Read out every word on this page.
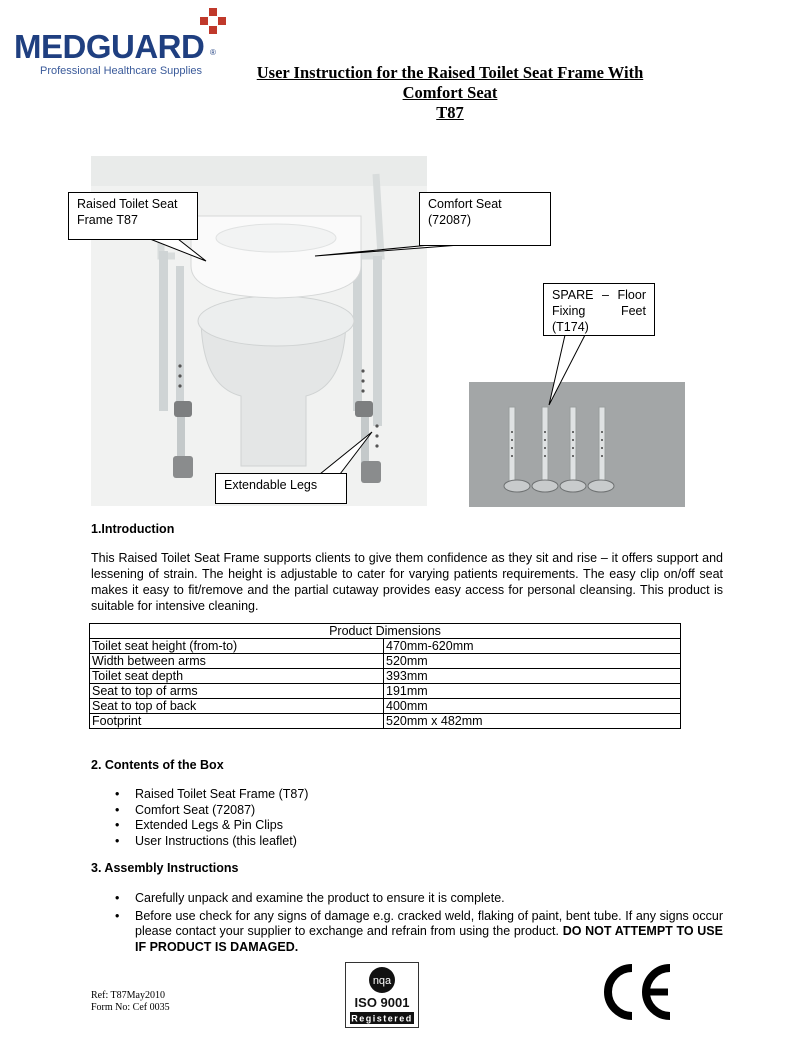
MEDGUARD ®
Professional Healthcare Supplies	User Instruction for the Raised Toilet Seat Frame With
Comfort Seat
T87
Raised Toilet Seat Frame T87
Comfort Seat (72087)
SPARE – Floor Fixing Feet (T174)
Extendable Legs
1.Introduction
This Raised Toilet Seat Frame supports clients to give them confidence as they sit and rise – it offers support and lessening of strain. The height is adjustable to cater for varying patients requirements. The easy clip on/off seat makes it easy to fit/remove and the partial cutaway provides easy access for personal cleansing. This product is suitable for intensive cleaning.
Product Dimensions	
Toilet seat height (from-to)	470mm-620mm
Width between arms	520mm
Toilet seat depth	393mm
Seat to top of arms	191mm
Seat to top of back	400mm
Footprint	520mm x 482mm
2. Contents of the Box
• Raised Toilet Seat Frame (T87)
• Comfort Seat (72087)
• Extended Legs & Pin Clips
• User Instructions (this leaflet)
3. Assembly Instructions
• Carefully unpack and examine the product to ensure it is complete.
• Before use check for any signs of damage e.g. cracked weld, flaking of paint, bent tube. If any signs occur please contact your supplier to exchange and refrain from using the product. DO NOT ATTEMPT TO USE IF PRODUCT IS DAMAGED.
Ref: T87May2010
Form No: Cef 0035
nqa
ISO 9001
Registered
